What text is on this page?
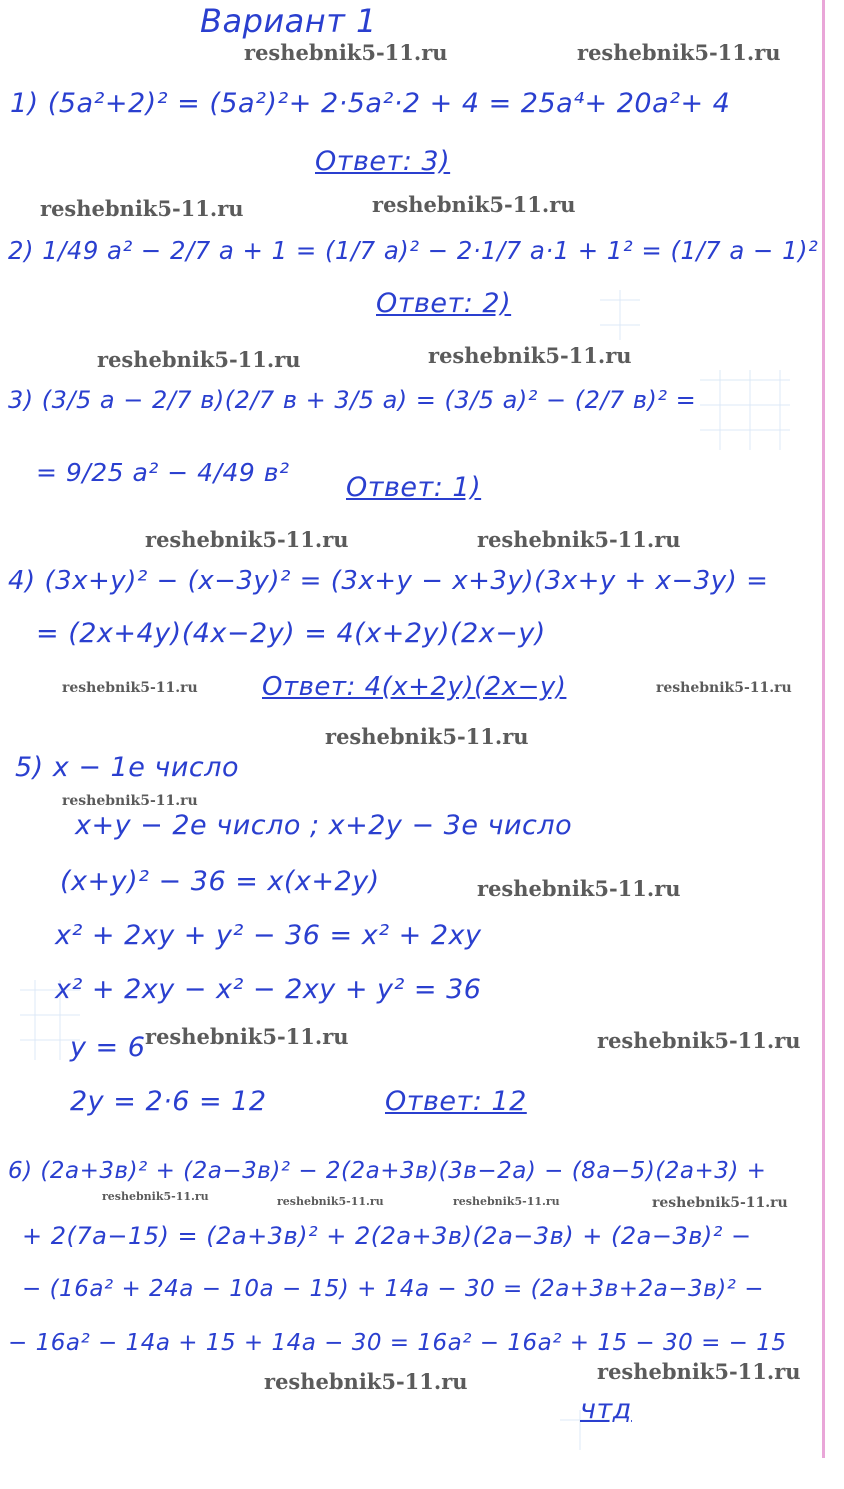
Вариант 1
reshebnik5-11.ru	reshebnik5-11.ru
reshebnik5-11.ru	reshebnik5-11.ru
reshebnik5-11.ru	reshebnik5-11.ru
reshebnik5-11.ru	reshebnik5-11.ru
reshebnik5-11.ru	reshebnik5-11.ru
reshebnik5-11.ru
reshebnik5-11.ru
reshebnik5-11.ru
reshebnik5-11.ru	reshebnik5-11.ru
reshebnik5-11.ru	reshebnik5-11.ru	reshebnik5-11.ru	reshebnik5-11.ru
reshebnik5-11.ru
reshebnik5-11.ru
1) (5a²+2)² = (5a²)²+ 2·5a²·2 + 4 = 25a⁴+ 20a²+ 4
Ответ: 3)
2) 1/49 a² − 2/7 a + 1 = (1/7 a)² − 2·1/7 a·1 + 1² = (1/7 a − 1)²
Ответ: 2)
3) (3/5 a − 2/7 в)(2/7 в + 3/5 a) = (3/5 a)² − (2/7 в)² =
= 9/25 a² − 4/49 в² Ответ: 1)
4) (3x+y)² − (x−3y)² = (3x+y − x+3y)(3x+y + x−3y) =
= (2x+4y)(4x−2y) = 4(x+2y)(2x−y)
Ответ: 4(x+2y)(2x−y)
5) x − 1е число
x+y − 2е число ; x+2y − 3е число
(x+y)² − 36 = x(x+2y)
x² + 2xy + y² − 36 = x² + 2xy
x² + 2xy − x² − 2xy + y² = 36
y = 6
2y = 2·6 = 12	Ответ: 12
6) (2a+3в)² + (2a−3в)² − 2(2a+3в)(3в−2a) − (8a−5)(2a+3) +
+ 2(7a−15) = (2a+3в)² + 2(2a+3в)(2a−3в) + (2a−3в)² −
− (16a² + 24a − 10a − 15) + 14a − 30 = (2a+3в+2a−3в)² −
− 16a² − 14a + 15 + 14a − 30 = 16a² − 16a² + 15 − 30 = − 15
чтд
